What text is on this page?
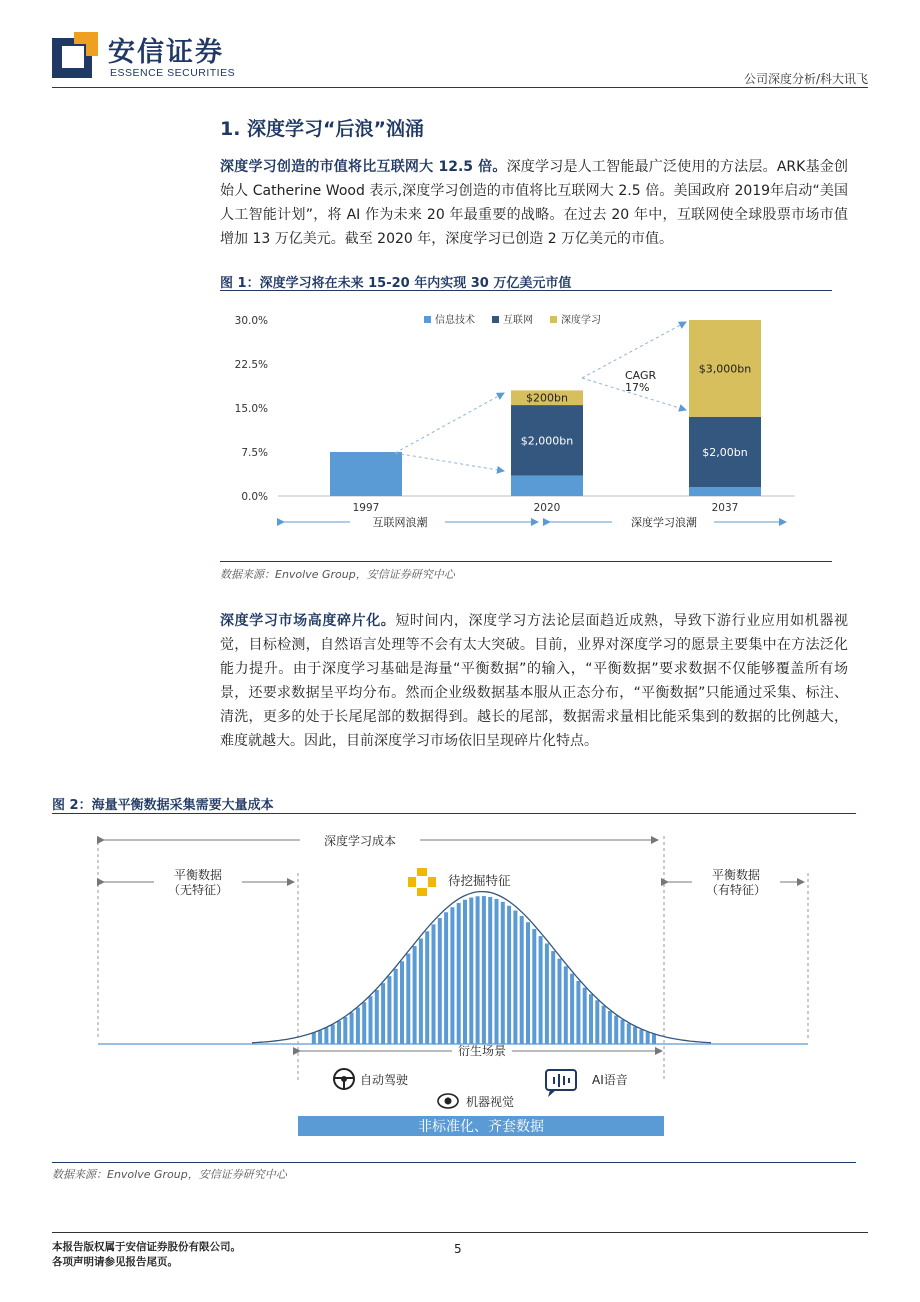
安信证券
ESSENCE SECURITIES	公司深度分析/科大讯飞
1. 深度学习“后浪”汹涌
深度学习创造的市值将比互联网大 12.5 倍。深度学习是人工智能最广泛使用的方法层。ARK基金创始人 Catherine Wood 表示,深度学习创造的市值将比互联网大 2.5 倍。美国政府 2019年启动“美国人工智能计划”，将 AI 作为未来 20 年最重要的战略。在过去 20 年中，互联网使全球股票市场市值增加 13 万亿美元。截至 2020 年，深度学习已创造 2 万亿美元的市值。
图 1：深度学习将在未来 15-20 年内实现 30 万亿美元市值
0.0%
7.5%
15.0%
22.5%
30.0%
$2,000bn
$200bn
$2,00bn
$3,000bn
1997	2020	2037
信息技术	互联网	深度学习
CAGR
17%
互联网浪潮	深度学习浪潮
数据来源：Envolve Group，安信证券研究中心
深度学习市场高度碎片化。短时间内，深度学习方法论层面趋近成熟，导致下游行业应用如机器视觉，目标检测，自然语言处理等不会有太大突破。目前，业界对深度学习的愿景主要集中在方法泛化能力提升。由于深度学习基础是海量“平衡数据”的输入，“平衡数据”要求数据不仅能够覆盖所有场景，还要求数据呈平均分布。然而企业级数据基本服从正态分布，“平衡数据”只能通过采集、标注、清洗，更多的处于长尾尾部的数据得到。越长的尾部，数据需求量相比能采集到的数据的比例越大，难度就越大。因此，目前深度学习市场依旧呈现碎片化特点。
图 2：海量平衡数据采集需要大量成本
深度学习成本
平衡数据
（无特征）
平衡数据
（有特征）
待挖掘特征
衍生场景
自动驾驶	AI语音
机器视觉
非标准化、齐套数据
数据来源：Envolve Group，安信证券研究中心
本报告版权属于安信证券股份有限公司。
各项声明请参见报告尾页。
5
